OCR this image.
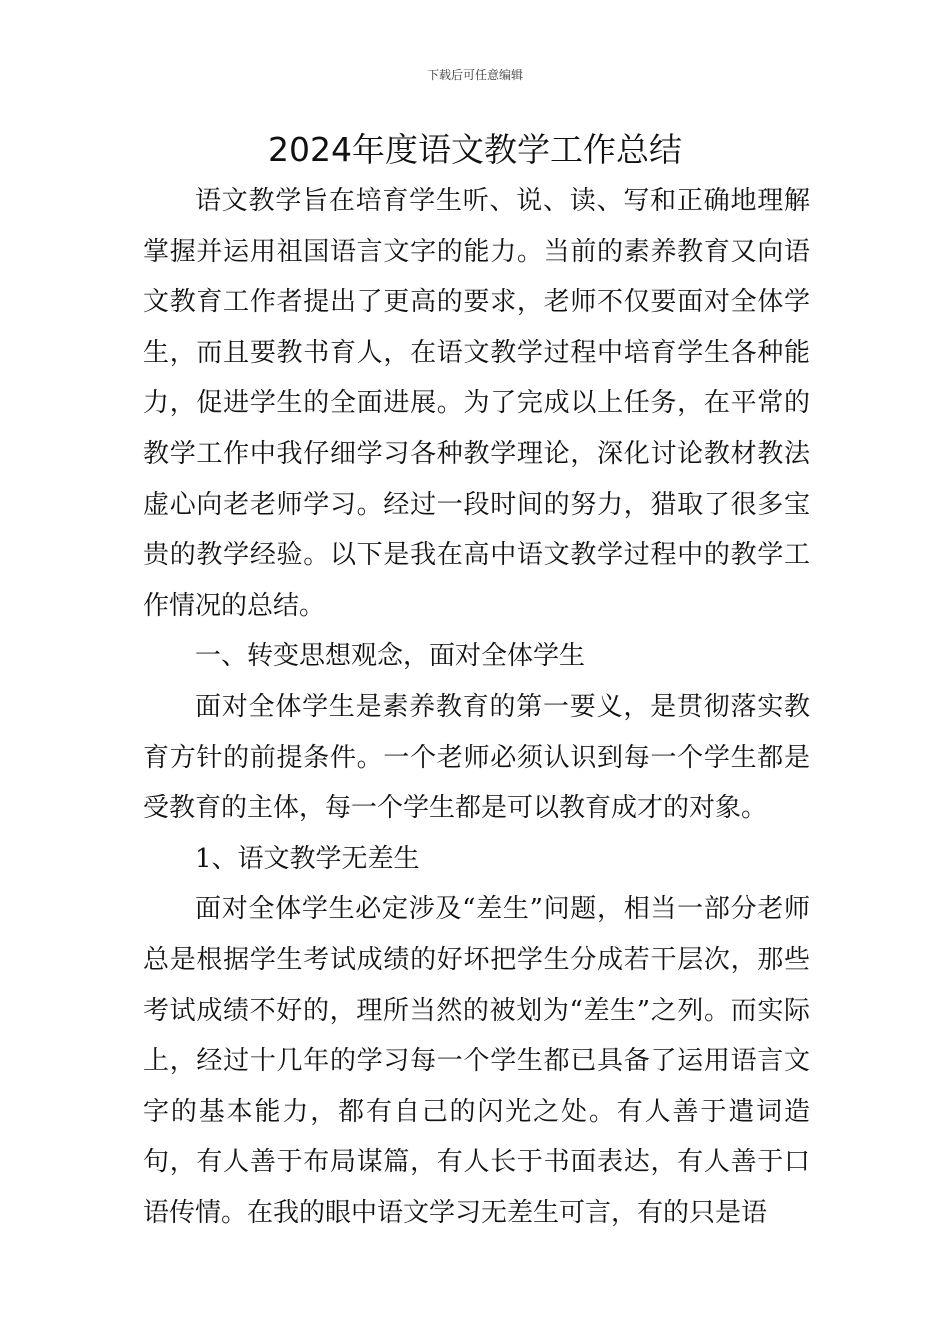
下载后可任意编辑
2024年度语文教学工作总结

语文教学旨在培育学生听、说、读、写和正确地理解掌握并运用祖国语言文字的能力。当前的素养教育又向语文教育工作者提出了更高的要求，老师不仅要面对全体学生，而且要教书育人，在语文教学过程中培育学生各种能力，促进学生的全面进展。为了完成以上任务，在平常的教学工作中我仔细学习各种教学理论，深化讨论教材教法虚心向老老师学习。经过一段时间的努力，猎取了很多宝贵的教学经验。以下是我在高中语文教学过程中的教学工作情况的总结。

一、转变思想观念，面对全体学生

面对全体学生是素养教育的第一要义，是贯彻落实教育方针的前提条件。一个老师必须认识到每一个学生都是受教育的主体，每一个学生都是可以教育成才的对象。

1、语文教学无差生

面对全体学生必定涉及“差生”问题，相当一部分老师总是根据学生考试成绩的好坏把学生分成若干层次，那些考试成绩不好的，理所当然的被划为“差生”之列。而实际上，经过十几年的学习每一个学生都已具备了运用语言文字的基本能力，都有自己的闪光之处。有人善于遣词造句，有人善于布局谋篇，有人长于书面表达，有人善于口语传情。在我的眼中语文学习无差生可言，有的只是语
